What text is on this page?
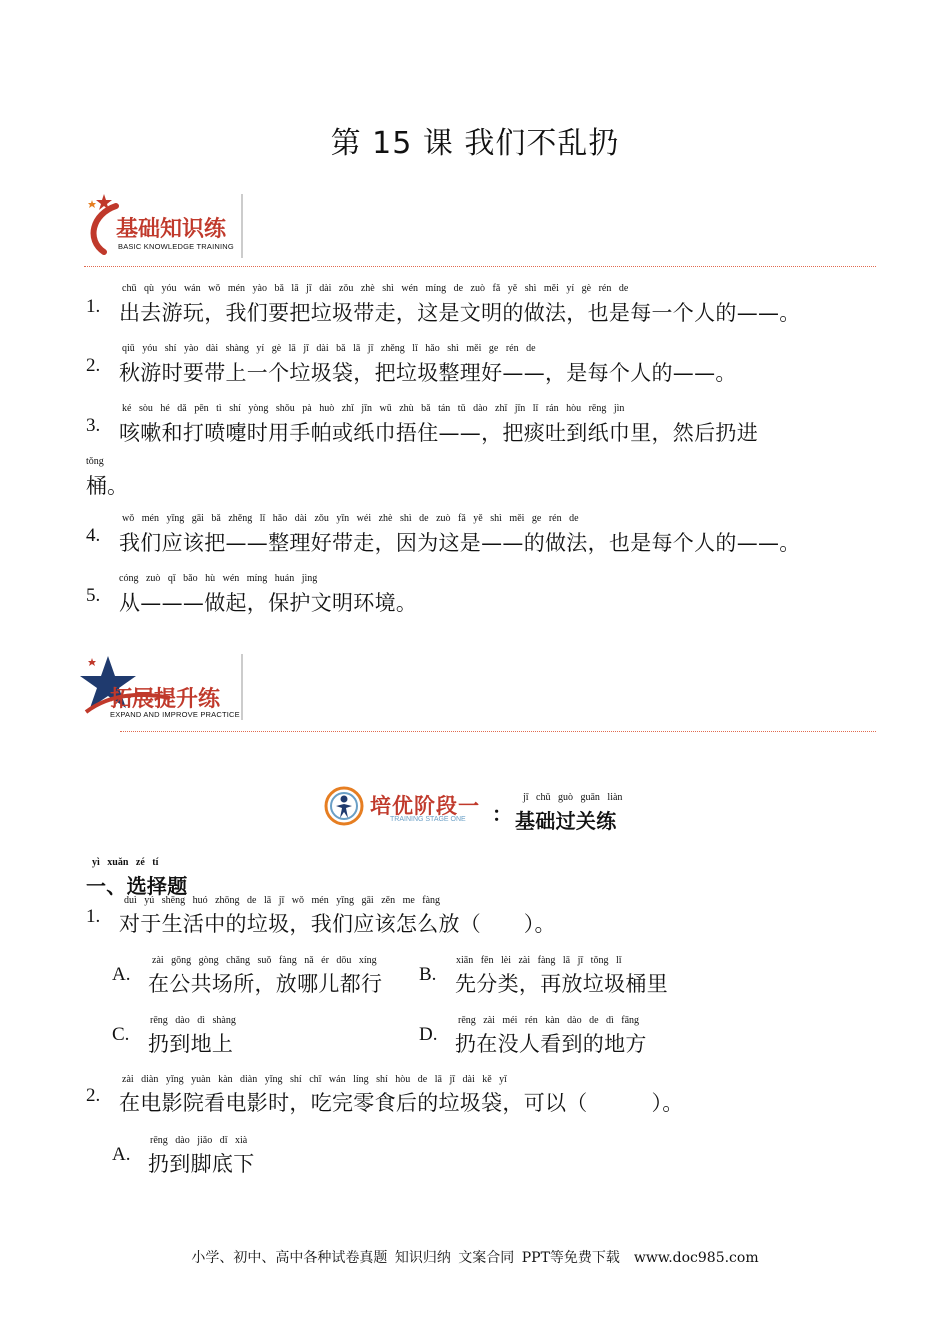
第 15 课 我们不乱扔
基础知识练
BASIC KNOWLEDGE TRAINING
1.
chū qù yóu wán wǒ mén yào bǎ lā jī dài zǒu zhè shì wén míng de zuò fǎ yě shì měi yí gè rén de
出去游玩，我们要把垃圾带走，这是文明的做法，也是每一个人的——。
2.
qiū yóu shí yào dài shàng yí gè lā jī dài bǎ lā jī zhěng lǐ hǎo shì měi ge rén de
秋游时要带上一个垃圾袋，把垃圾整理好——，是每个人的——。
3.
ké sòu hé dǎ pēn tì shí yòng shǒu pà huò zhǐ jīn wū zhù bǎ tán tǔ dào zhǐ jīn lǐ rán hòu rēng jìn
咳嗽和打喷嚏时用手帕或纸巾捂住——，把痰吐到纸巾里，然后扔进
tǒng
桶。
4.
wǒ mén yīng gāi bǎ zhěng lǐ hǎo dài zǒu yīn wéi zhè shì de zuò fǎ yě shì měi ge rén de
我们应该把——整理好带走，因为这是——的做法，也是每个人的——。
5.
cóng zuò qǐ bǎo hù wén míng huán jìng
从———做起，保护文明环境。
拓展提升练
EXPAND AND IMPROVE PRACTICE
培优阶段一
TRAINING STAGE ONE ：
jī chǔ guò guān liàn
基础过关练
yì xuǎn zé tí
一、选择题
1.
duì yú shēng huó zhōng de lā jī wǒ mén yīng gāi zěn me fàng
对于生活中的垃圾，我们应该怎么放（　　）。
A.
zài gōng gòng chǎng suǒ fàng nǎ ér dōu xíng
在公共场所，放哪儿都行 B.
xiān fēn lèi zài fàng lā jī tǒng lǐ
先分类，再放垃圾桶里
C.
rēng dào dì shàng
扔到地上	D.
rēng zài méi rén kàn dào de dì fāng
扔在没人看到的地方
2.
zài diàn yǐng yuàn kàn diàn yǐng shí chī wán líng shí hòu de lā jī dài kě yǐ
在电影院看电影时，吃完零食后的垃圾袋，可以（　　　）。
A.
rēng dào jiǎo dǐ xià
扔到脚底下
小学、初中、高中各种试卷真题 知识归纳 文案合同 PPT等免费下载　www.doc985.com
